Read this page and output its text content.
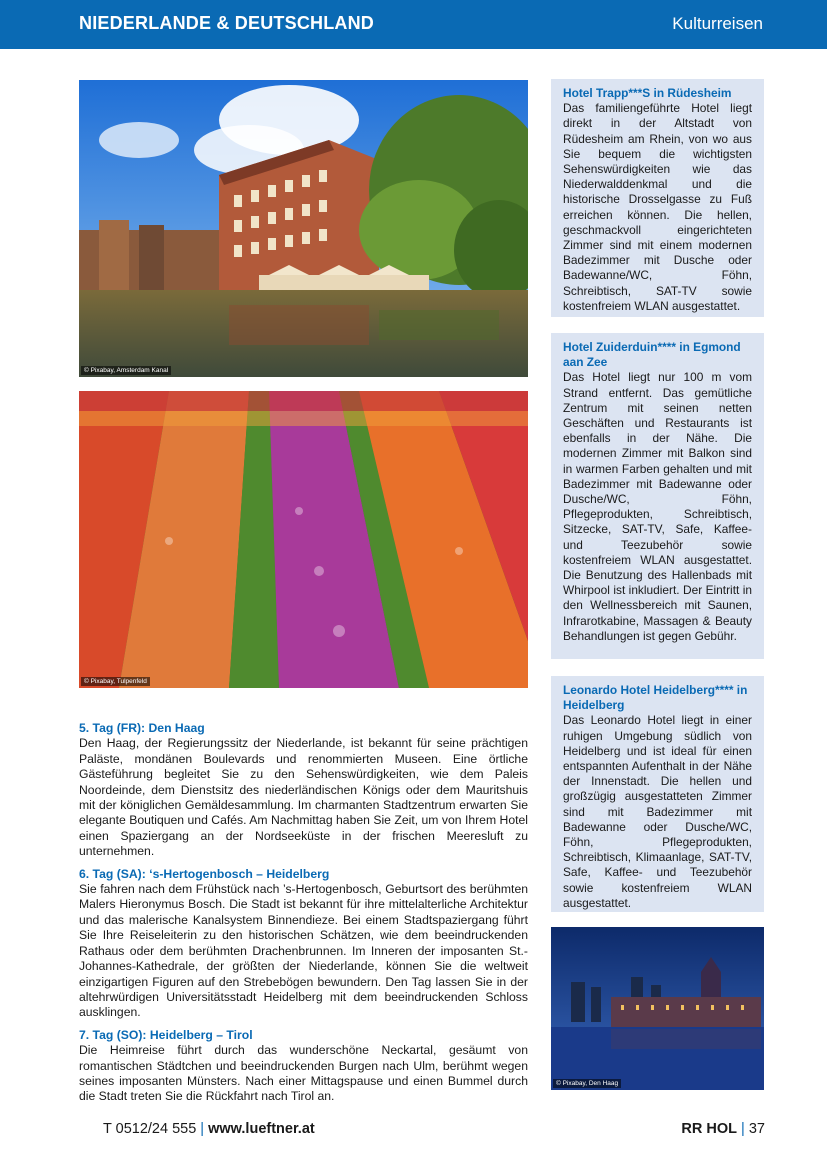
NIEDERLANDE & DEUTSCHLAND	Kulturreisen
© Pixabay, Amsterdam Kanal
© Pixabay, Tulpenfeld
5. Tag (FR): Den Haag

Den Haag, der Regierungssitz der Niederlande, ist bekannt für seine prächtigen Paläste, mondänen Boulevards und renommierten Museen. Eine örtliche Gästeführung begleitet Sie zu den Sehenswürdigkeiten, wie dem Paleis Noordeinde, dem Dienstsitz des niederländischen Königs oder dem Mauritshuis mit der königlichen Gemäldesammlung. Im charmanten Stadtzentrum erwarten Sie elegante Boutiquen und Cafés. Am Nachmittag haben Sie Zeit, um von Ihrem Hotel einen Spaziergang an der Nordseeküste in der frischen Meeresluft zu unternehmen.

6. Tag (SA): ‘s-Hertogenbosch – Heidelberg

Sie fahren nach dem Frühstück nach ’s-Hertogenbosch, Geburtsort des berühmten Malers Hieronymus Bosch. Die Stadt ist bekannt für ihre mittelalterliche Architektur und das malerische Kanalsystem Binnendieze. Bei einem Stadtspaziergang führt Sie Ihre Reiseleiterin zu den historischen Schätzen, wie dem beeindruckenden Rathaus oder dem berühmten Drachenbrunnen. Im Inneren der imposanten St.-Johannes-Kathedrale, der größten der Niederlande, können Sie die weltweit einzigartigen Figuren auf den Strebebögen bewundern. Den Tag lassen Sie in der altehrwürdigen Universitätsstadt Heidelberg mit dem beeindruckenden Schloss ausklingen.

7. Tag (SO): Heidelberg – Tirol

Die Heimreise führt durch das wunderschöne Neckartal, gesäumt von romantischen Städtchen und beeindruckenden Burgen nach Ulm, berühmt wegen seines imposanten Münsters. Nach einer Mittagspause und einen Bummel durch die Stadt treten Sie die Rückfahrt nach Tirol an.

Hotel Trapp***S in Rüdesheim

Das familiengeführte Hotel liegt direkt in der Altstadt von Rüdesheim am Rhein, von wo aus Sie bequem die wichtigsten Sehenswürdigkeiten wie das Niederwalddenkmal und die historische Drosselgasse zu Fuß erreichen können. Die hellen, geschmackvoll eingerichteten Zimmer sind mit einem modernen Badezimmer mit Dusche oder Badewanne/WC, Föhn, Schreibtisch, SAT-TV sowie kostenfreiem WLAN ausgestattet.

Hotel Zuiderduin**** in Egmond aan Zee

Das Hotel liegt nur 100 m vom Strand entfernt. Das gemütliche Zentrum mit seinen netten Geschäften und Restaurants ist ebenfalls in der Nähe. Die modernen Zimmer mit Balkon sind in warmen Farben gehalten und mit Badezimmer mit Badewanne oder Dusche/WC, Föhn, Pflegeprodukten, Schreibtisch, Sitzecke, SAT-TV, Safe, Kaffee- und Teezubehör sowie kostenfreiem WLAN ausgestattet. Die Benutzung des Hallenbads mit Whirpool ist inkludiert. Der Eintritt in den Wellnessbereich mit Saunen, Infrarotkabine, Massagen & Beauty Behandlungen ist gegen Gebühr.

Leonardo Hotel Heidelberg**** in Heidelberg

Das Leonardo Hotel liegt in einer ruhigen Umgebung südlich von Heidelberg und ist ideal für einen entspannten Aufenthalt in der Nähe der Innenstadt. Die hellen und großzügig ausgestatteten Zimmer sind mit Badezimmer mit Badewanne oder Dusche/WC, Föhn, Pflegeprodukten, Schreibtisch, Klimaanlage, SAT-TV, Safe, Kaffee- und Teezubehör sowie kostenfreiem WLAN ausgestattet.

© Pixabay, Den Haag
T 0512/24 555 | www.lueftner.at	RR HOL | 37
